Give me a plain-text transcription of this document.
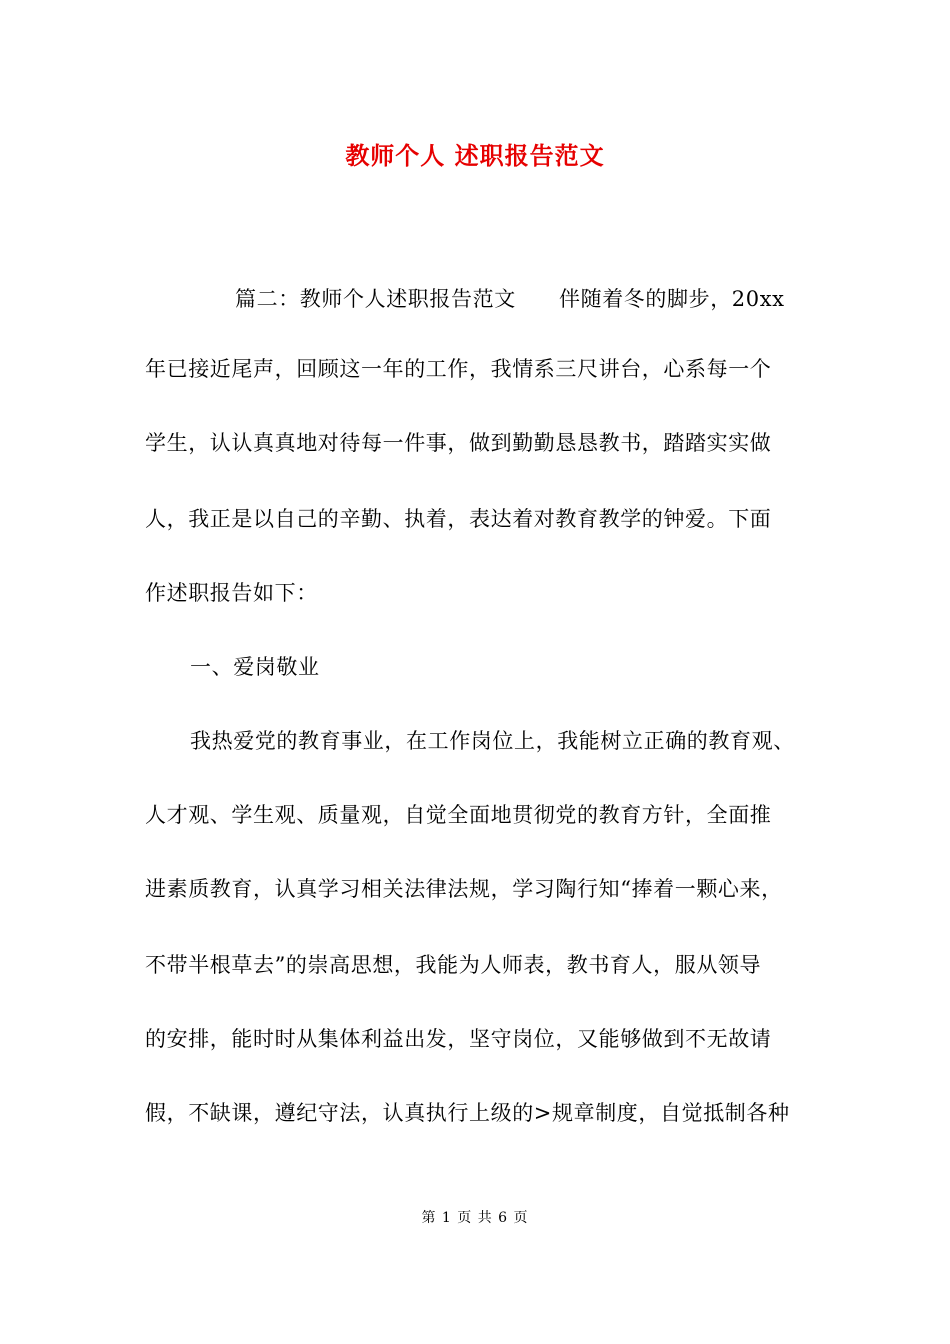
教师个人 述职报告范文

篇二：教师个人述职报告范文　　伴随着冬的脚步，20xx

年已接近尾声，回顾这一年的工作，我情系三尺讲台，心系每一个

学生，认认真真地对待每一件事，做到勤勤恳恳教书，踏踏实实做

人，我正是以自己的辛勤、执着，表达着对教育教学的钟爱。下面

作述职报告如下：

一、爱岗敬业

我热爱党的教育事业，在工作岗位上，我能树立正确的教育观、

人才观、学生观、质量观，自觉全面地贯彻党的教育方针，全面推

进素质教育，认真学习相关法律法规，学习陶行知“捧着一颗心来，

不带半根草去”的崇高思想，我能为人师表，教书育人，服从领导

的安排，能时时从集体利益出发，坚守岗位，又能够做到不无故请

假，不缺课，遵纪守法，认真执行上级的>规章制度，自觉抵制各种

第 1 页 共 6 页
